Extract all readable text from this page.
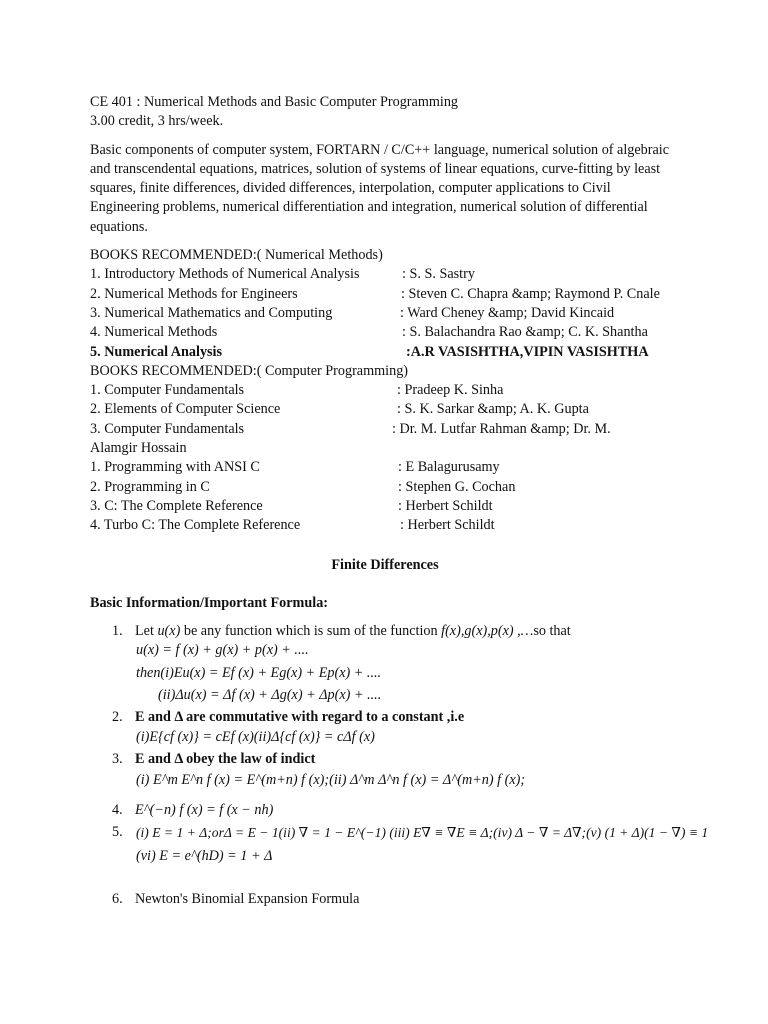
CE 401 : Numerical Methods and Basic Computer Programming
3.00 credit, 3 hrs/week.
Basic components of computer system, FORTARN / C/C++ language, numerical solution of algebraic and transcendental equations, matrices, solution of systems of linear equations, curve-fitting by least squares, finite differences, divided differences, interpolation, computer applications to Civil Engineering problems, numerical differentiation and integration, numerical solution of differential equations.
BOOKS RECOMMENDED:( Numerical Methods)
1. Introductory Methods of Numerical Analysis	: S. S. Sastry
2. Numerical Methods for Engineers	: Steven C. Chapra &amp; Raymond P. Cnale
3. Numerical Mathematics and Computing	: Ward Cheney &amp; David Kincaid
4. Numerical Methods	: S. Balachandra Rao &amp; C. K. Shantha
5. Numerical Analysis	:A.R VASISHTHA,VIPIN VASISHTHA
BOOKS RECOMMENDED:( Computer Programming)
1. Computer Fundamentals	: Pradeep K. Sinha
2. Elements of Computer Science	: S. K. Sarkar &amp; A. K. Gupta
3. Computer Fundamentals	: Dr. M. Lutfar Rahman &amp; Dr. M.
Alamgir Hossain
1. Programming with ANSI C	: E Balagurusamy
2. Programming in C	: Stephen G. Cochan
3. C: The Complete Reference	: Herbert Schildt
4. Turbo C: The Complete Reference	: Herbert Schildt
Finite Differences
Basic Information/Important Formula:
1. Let u(x) be any function which is sum of the function f(x),g(x),p(x) ,…so that
u(x) = f (x) + g(x) + p(x) + ....
then(i)Eu(x) = Ef (x) + Eg(x) + Ep(x) + ....
(ii)Δu(x) = Δf (x) + Δg(x) + Δp(x) + ....
2. E and Δ are commutative with regard to a constant ,i.e
(i)E{cf (x)} = cEf (x)(ii)Δ{cf (x)} = cΔf (x)
3. E and Δ obey the law of indict
(i) E^m E^n f (x) = E^(m+n) f (x);(ii) Δ^m Δ^n f (x) = Δ^(m+n) f (x);
4. E^(−n) f (x) = f (x − nh)
5. (i) E = 1 + Δ;orΔ = E − 1(ii) ∇ = 1 − E^(−1) (iii) E∇ ≡ ∇E ≡ Δ;(iv) Δ − ∇ = Δ∇;(v) (1 + Δ)(1 − ∇) ≡ 1
(vi) E = e^(hD) = 1 + Δ
6. Newton's Binomial Expansion Formula
